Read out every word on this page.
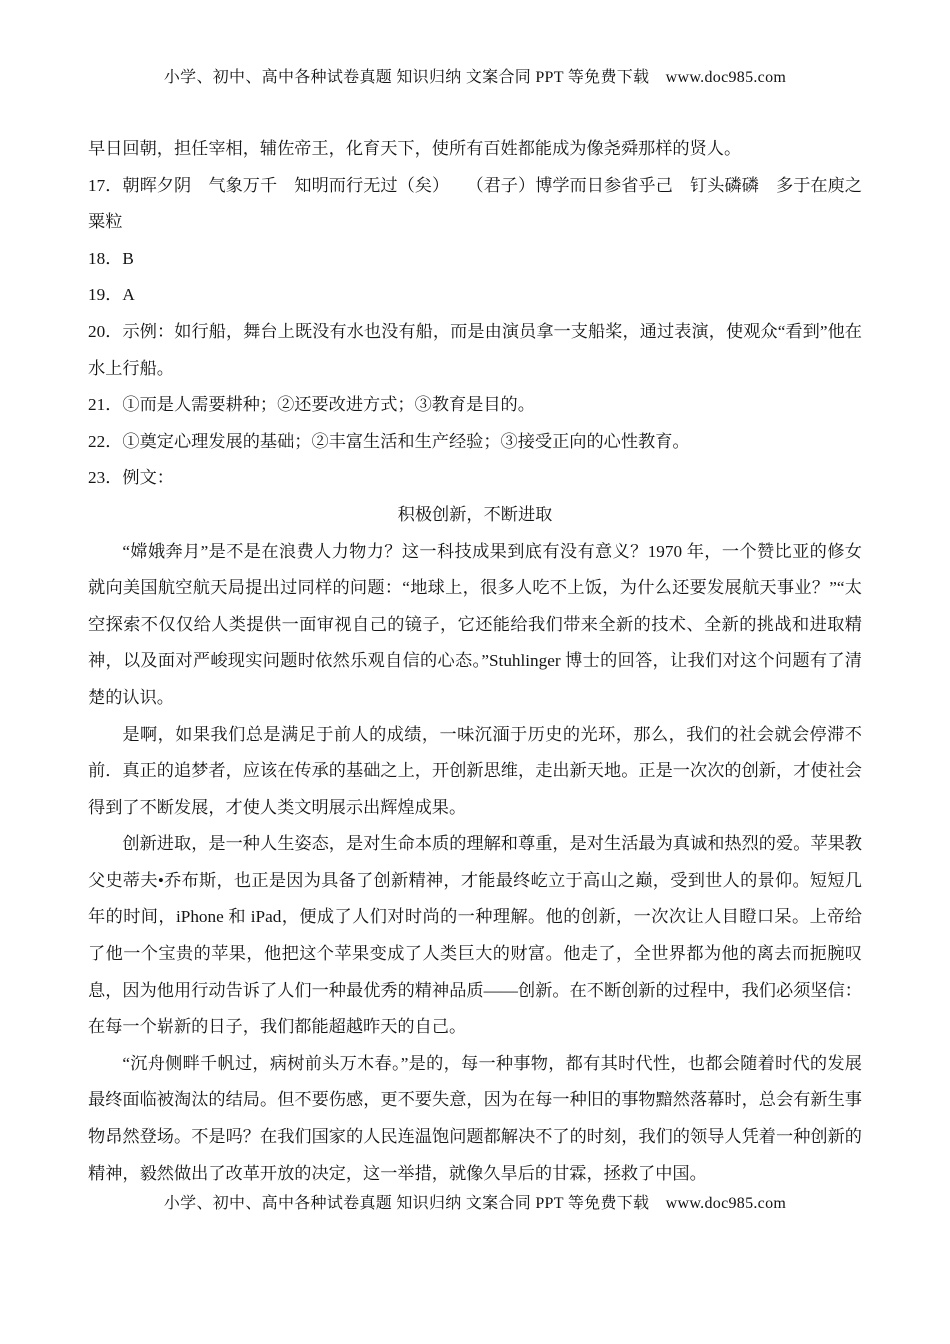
小学、初中、高中各种试卷真题 知识归纳 文案合同 PPT 等免费下载　www.doc985.com

早日回朝，担任宰相，辅佐帝王，化育天下，使所有百姓都能成为像尧舜那样的贤人。

17．朝晖夕阴　气象万千　知明而行无过（矣）　　（君子）博学而日参省乎己　钉头磷磷　多于在庾之粟粒

18．B

19．A

20．示例：如行船，舞台上既没有水也没有船，而是由演员拿一支船桨，通过表演，使观众“看到”他在水上行船。

21．①而是人需要耕种；②还要改进方式；③教育是目的。

22．①奠定心理发展的基础；②丰富生活和生产经验；③接受正向的心性教育。

23．例文：

积极创新，不断进取

“嫦娥奔月”是不是在浪费人力物力？这一科技成果到底有没有意义？1970 年，一个赞比亚的修女就向美国航空航天局提出过同样的问题：“地球上，很多人吃不上饭，为什么还要发展航天事业？”“太空探索不仅仅给人类提供一面审视自己的镜子，它还能给我们带来全新的技术、全新的挑战和进取精神，以及面对严峻现实问题时依然乐观自信的心态。”Stuhlinger 博士的回答，让我们对这个问题有了清楚的认识。

是啊，如果我们总是满足于前人的成绩，一味沉湎于历史的光环，那么，我们的社会就会停滞不前．真正的追梦者，应该在传承的基础之上，开创新思维，走出新天地。正是一次次的创新，才使社会得到了不断发展，才使人类文明展示出辉煌成果。

创新进取，是一种人生姿态，是对生命本质的理解和尊重，是对生活最为真诚和热烈的爱。苹果教父史蒂夫•乔布斯，也正是因为具备了创新精神，才能最终屹立于高山之巅，受到世人的景仰。短短几年的时间，iPhone 和 iPad，便成了人们对时尚的一种理解。他的创新，一次次让人目瞪口呆。上帝给了他一个宝贵的苹果，他把这个苹果变成了人类巨大的财富。他走了，全世界都为他的离去而扼腕叹息，因为他用行动告诉了人们一种最优秀的精神品质——创新。在不断创新的过程中，我们必须坚信：在每一个崭新的日子，我们都能超越昨天的自己。

“沉舟侧畔千帆过，病树前头万木春。”是的，每一种事物，都有其时代性，也都会随着时代的发展最终面临被淘汰的结局。但不要伤感，更不要失意，因为在每一种旧的事物黯然落幕时，总会有新生事物昂然登场。不是吗？在我们国家的人民连温饱问题都解决不了的时刻，我们的领导人凭着一种创新的精神，毅然做出了改革开放的决定，这一举措，就像久旱后的甘霖，拯救了中国。

小学、初中、高中各种试卷真题 知识归纳 文案合同 PPT 等免费下载　www.doc985.com
